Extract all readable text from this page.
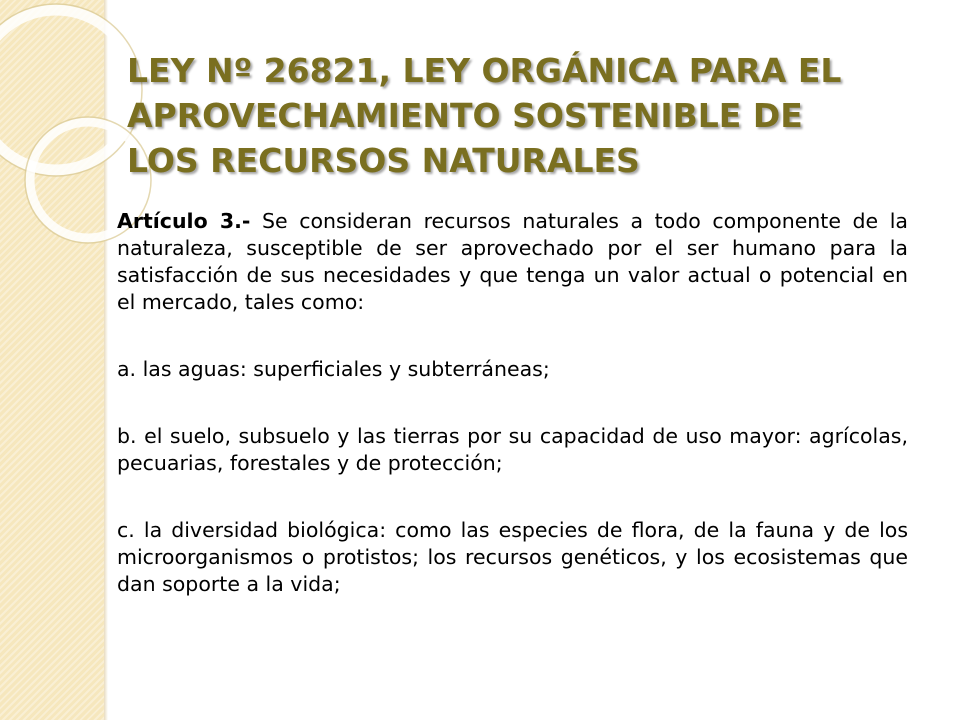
LEY Nº 26821, LEY ORGÁNICA PARA EL
APROVECHAMIENTO SOSTENIBLE DE
LOS RECURSOS NATURALES

Artículo 3.- Se consideran recursos naturales a todo componente de la naturaleza, susceptible de ser aprovechado por el ser humano para la satisfacción de sus necesidades y que tenga un valor actual o potencial en el mercado, tales como:

a. las aguas: superficiales y subterráneas;

b. el suelo, subsuelo y las tierras por su capacidad de uso mayor: agrícolas, pecuarias, forestales y de protección;

c. la diversidad biológica: como las especies de flora, de la fauna y de los microorganismos o protistos; los recursos genéticos, y los ecosistemas que dan soporte a la vida;
